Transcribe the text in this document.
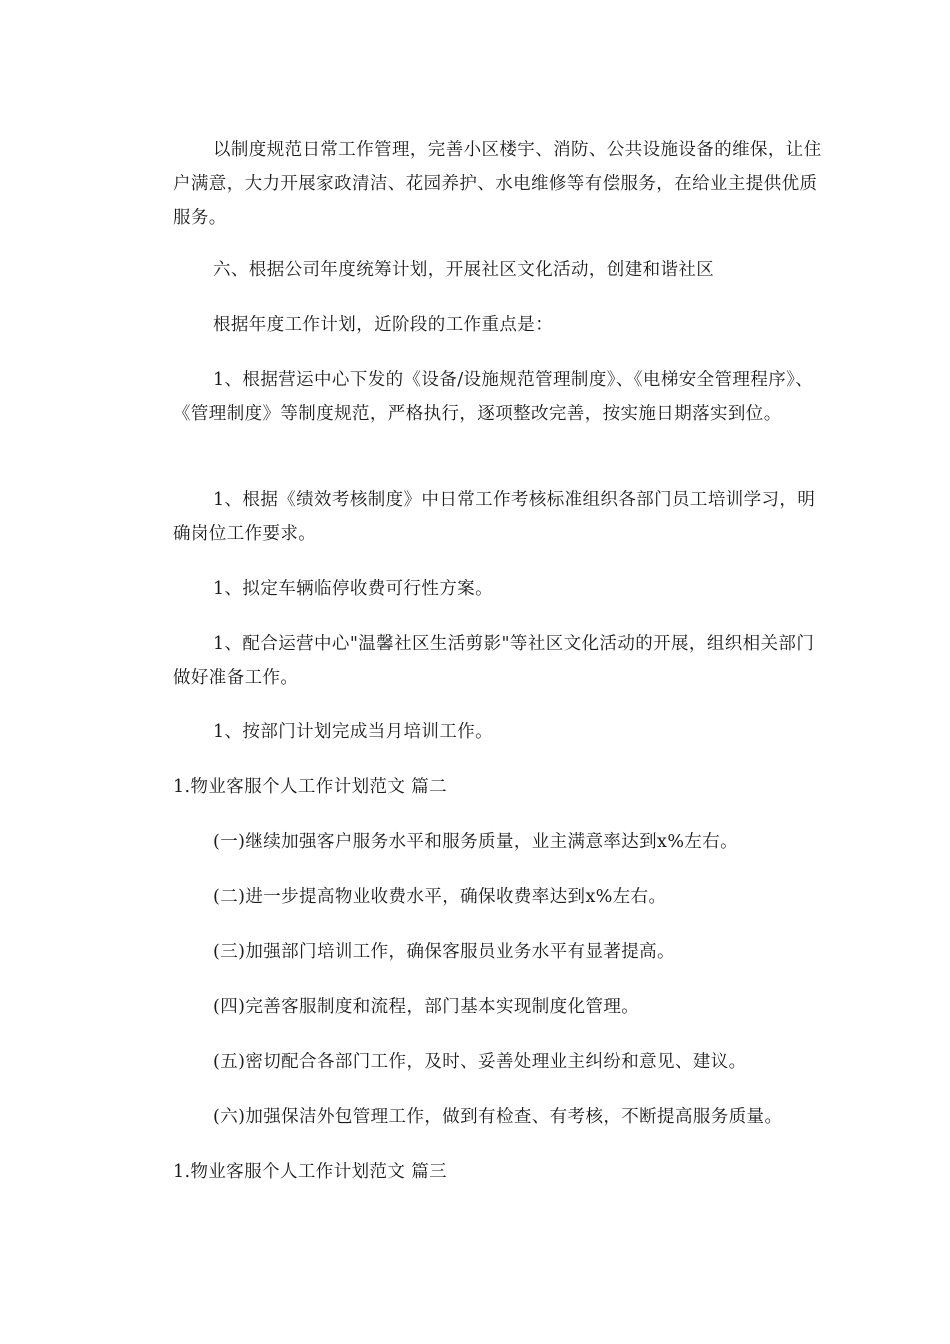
以制度规范日常工作管理，完善小区楼宇、消防、公共设施设备的维保，让住户满意，大力开展家政清洁、花园养护、水电维修等有偿服务，在给业主提供优质服务。

六、根据公司年度统筹计划，开展社区文化活动，创建和谐社区

根据年度工作计划，近阶段的工作重点是：

1、根据营运中心下发的《设备/设施规范管理制度》、《电梯安全管理程序》、《管理制度》等制度规范，严格执行，逐项整改完善，按实施日期落实到位。

1、根据《绩效考核制度》中日常工作考核标准组织各部门员工培训学习，明确岗位工作要求。

1、拟定车辆临停收费可行性方案。

1、配合运营中心"温馨社区生活剪影"等社区文化活动的开展，组织相关部门做好准备工作。

1、按部门计划完成当月培训工作。

1.物业客服个人工作计划范文 篇二

(一)继续加强客户服务水平和服务质量，业主满意率达到x%左右。

(二)进一步提高物业收费水平，确保收费率达到x%左右。

(三)加强部门培训工作，确保客服员业务水平有显著提高。

(四)完善客服制度和流程，部门基本实现制度化管理。

(五)密切配合各部门工作，及时、妥善处理业主纠纷和意见、建议。

(六)加强保洁外包管理工作，做到有检查、有考核，不断提高服务质量。

1.物业客服个人工作计划范文 篇三
